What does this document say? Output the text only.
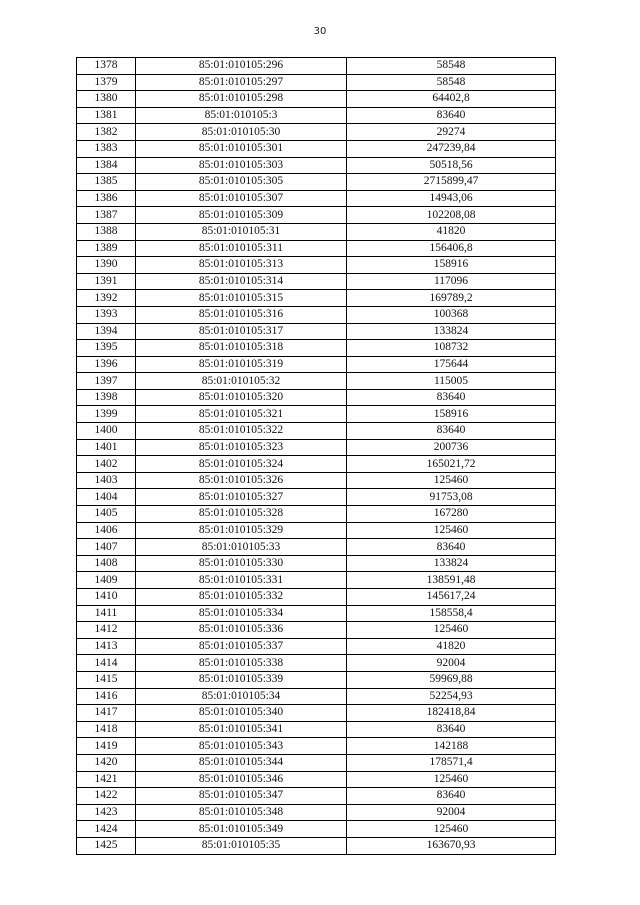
30
1378	85:01:010105:296	58548
1379	85:01:010105:297	58548
1380	85:01:010105:298	64402,8
1381	85:01:010105:3	83640
1382	85:01:010105:30	29274
1383	85:01:010105:301	247239,84
1384	85:01:010105:303	50518,56
1385	85:01:010105:305	2715899,47
1386	85:01:010105:307	14943,06
1387	85:01:010105:309	102208,08
1388	85:01:010105:31	41820
1389	85:01:010105:311	156406,8
1390	85:01:010105:313	158916
1391	85:01:010105:314	117096
1392	85:01:010105:315	169789,2
1393	85:01:010105:316	100368
1394	85:01:010105:317	133824
1395	85:01:010105:318	108732
1396	85:01:010105:319	175644
1397	85:01:010105:32	115005
1398	85:01:010105:320	83640
1399	85:01:010105:321	158916
1400	85:01:010105:322	83640
1401	85:01:010105:323	200736
1402	85:01:010105:324	165021,72
1403	85:01:010105:326	125460
1404	85:01:010105:327	91753,08
1405	85:01:010105:328	167280
1406	85:01:010105:329	125460
1407	85:01:010105:33	83640
1408	85:01:010105:330	133824
1409	85:01:010105:331	138591,48
1410	85:01:010105:332	145617,24
1411	85:01:010105:334	158558,4
1412	85:01:010105:336	125460
1413	85:01:010105:337	41820
1414	85:01:010105:338	92004
1415	85:01:010105:339	59969,88
1416	85:01:010105:34	52254,93
1417	85:01:010105:340	182418,84
1418	85:01:010105:341	83640
1419	85:01:010105:343	142188
1420	85:01:010105:344	178571,4
1421	85:01:010105:346	125460
1422	85:01:010105:347	83640
1423	85:01:010105:348	92004
1424	85:01:010105:349	125460
1425	85:01:010105:35	163670,93
